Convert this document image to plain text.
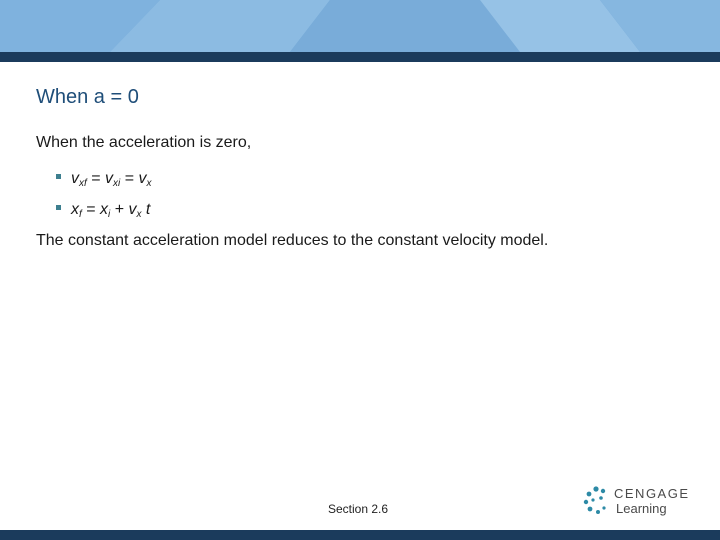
When a = 0
When the acceleration is zero,
$v_{xf} = v_{xi} = v_x$
$x_f = x_i + v_x$ t
The constant acceleration model reduces to the constant velocity model.
Section 2.6
CENGAGE
Learning
